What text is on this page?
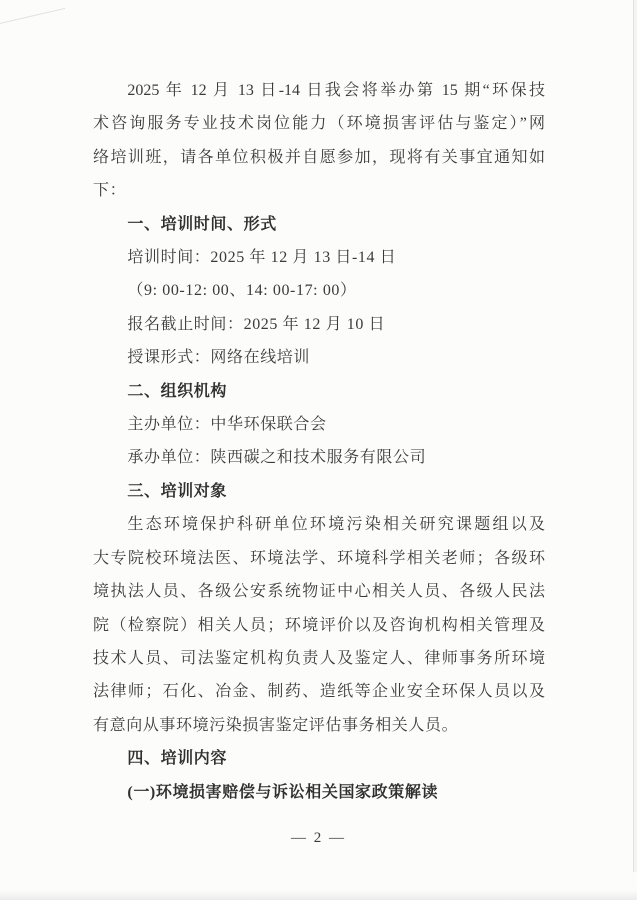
2025 年 12 月 13 日-14 日我会将举办第 15 期“环保技
术咨询服务专业技术岗位能力（环境损害评估与鉴定）”网
络培训班，请各单位积极并自愿参加，现将有关事宜通知如
下：
一、培训时间、形式
培训时间：2025 年 12 月 13 日-14 日
（9: 00-12: 00、14: 00-17: 00）
报名截止时间：2025 年 12 月 10 日
授课形式：网络在线培训
二、组织机构
主办单位：中华环保联合会
承办单位：陕西碳之和技术服务有限公司
三、培训对象
生态环境保护科研单位环境污染相关研究课题组以及
大专院校环境法医、环境法学、环境科学相关老师；各级环
境执法人员、各级公安系统物证中心相关人员、各级人民法
院（检察院）相关人员；环境评价以及咨询机构相关管理及
技术人员、司法鉴定机构负责人及鉴定人、律师事务所环境
法律师；石化、冶金、制药、造纸等企业安全环保人员以及
有意向从事环境污染损害鉴定评估事务相关人员。
四、培训内容
(一)环境损害赔偿与诉讼相关国家政策解读
— 2 —
